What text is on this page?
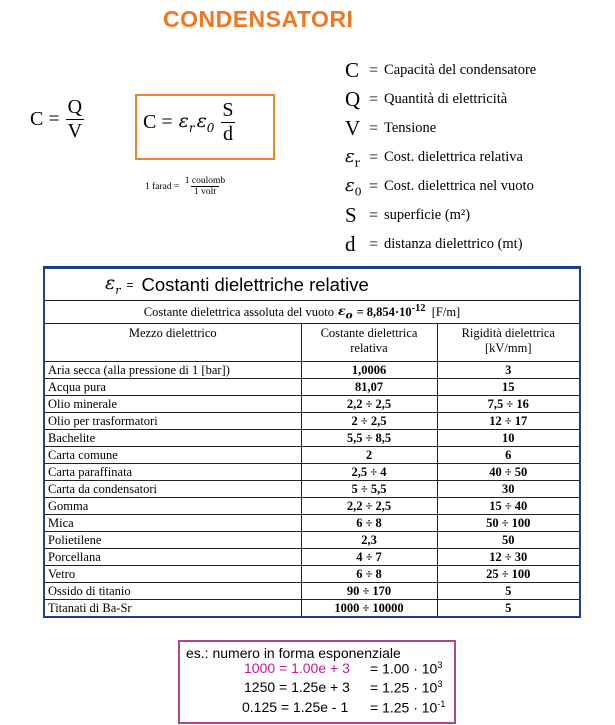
CONDENSATORI
$C = \frac{Q}{V}$	C =
$\varepsilon_r$ $\varepsilon_0$
$\frac{S}{d}$
1 farad =
$\frac{\text{1 coulomb}}{\text{1 volt}}$
C = Capacità del condensatore
Q = Quantità di elettricità
V = Tensione
$\varepsilon_r$ = Cost. dielettrica relativa
$\varepsilon_0$ = Cost. dielettrica nel vuoto
S = superficie (m²)
d = distanza dielettrico (mt)
$\varepsilon_r$ = Costanti dielettriche relative
Costante dielettrica assoluta del vuoto $\varepsilon_o = 8,854\cdot 10^{-12}$
[F/m]
Mezzo dielettrico	Costante dielettrica relativa	Rigidità dielettrica [kV/mm]
Aria secca (alla pressione di 1 [bar])	1,0006	3
Acqua pura	81,07	15
Olio minerale	2,2 ÷ 2,5	7,5 ÷ 16
Olio per trasformatori	2 ÷ 2,5	12 ÷ 17
Bachelite	5,5 ÷ 8,5	10
Carta comune	2	6
Carta paraffinata	2,5 ÷ 4	40 ÷ 50
Carta da condensatori	5 ÷ 5,5	30
Gomma	2,2 ÷ 2,5	15 ÷ 40
Mica	6 ÷ 8	50 ÷ 100
Polietilene	2,3	50
Porcellana	4 ÷ 7	12 ÷ 30
Vetro	6 ÷ 8	25 ÷ 100
Ossido di titanio	90 ÷ 170	5
Titanati di Ba-Sr	1000 ÷ 10000	5
es.: numero in forma esponenziale
$1000 = 1.00e + 3 = 1.00 \cdot 10^3$
$1250 = 1.25e + 3 = 1.25 \cdot 10^3$
$0.125 = 1.25e - 1 = 1.25 \cdot 10^{-1}$
